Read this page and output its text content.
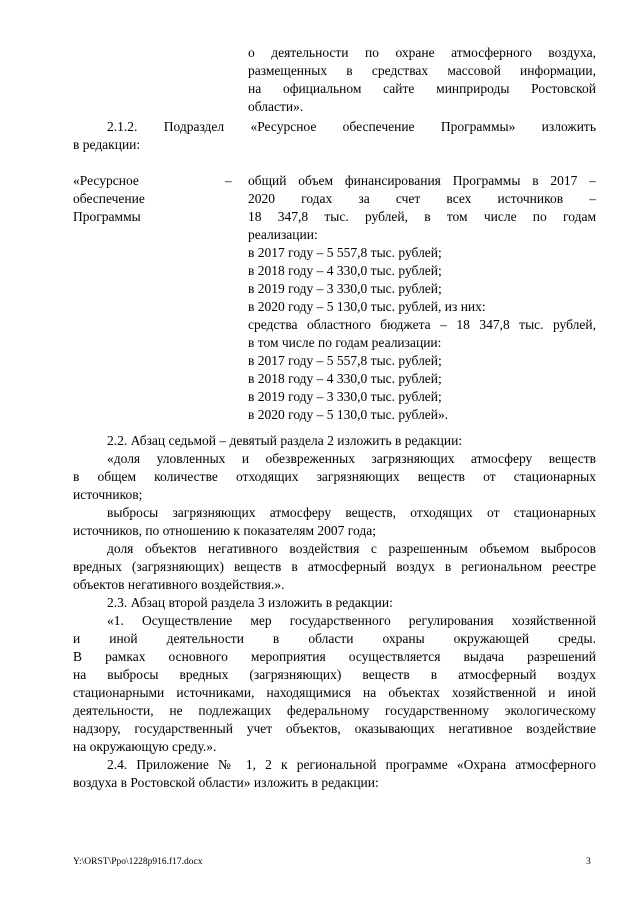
о деятельности по охране атмосферного воздуха,

размещенных в средствах массовой информации,

на официальном сайте минприроды Ростовской

области».

2.1.2. Подраздел «Ресурсное обеспечение Программы» изложить

в редакции:

«Ресурсное

обеспечение

Программы

– общий объем финансирования Программы в 2017 –

2020 годах за счет всех источников –

18 347,8 тыс. рублей, в том числе по годам

реализации:

в 2017 году – 5 557,8 тыс. рублей;

в 2018 году – 4 330,0 тыс. рублей;

в 2019 году – 3 330,0 тыс. рублей;

в 2020 году – 5 130,0 тыс. рублей, из них:

средства областного бюджета – 18 347,8 тыс. рублей,

в том числе по годам реализации:

в 2017 году – 5 557,8 тыс. рублей;

в 2018 году – 4 330,0 тыс. рублей;

в 2019 году – 3 330,0 тыс. рублей;

в 2020 году – 5 130,0 тыс. рублей».

2.2. Абзац седьмой – девятый раздела 2 изложить в редакции:

«доля уловленных и обезвреженных загрязняющих атмосферу веществ

в общем количестве отходящих загрязняющих веществ от стационарных

источников;

выбросы загрязняющих атмосферу веществ, отходящих от стационарных

источников, по отношению к показателям 2007 года;

доля объектов негативного воздействия с разрешенным объемом выбросов

вредных (загрязняющих) веществ в атмосферный воздух в региональном реестре

объектов негативного воздействия.».

2.3. Абзац второй раздела 3 изложить в редакции:

«1. Осуществление мер государственного регулирования хозяйственной

и иной деятельности в области охраны окружающей среды.

В рамках основного мероприятия осуществляется выдача разрешений

на выбросы вредных (загрязняющих) веществ в атмосферный воздух

стационарными источниками, находящимися на объектах хозяйственной и иной

деятельности, не подлежащих федеральному государственному экологическому

надзору, государственный учет объектов, оказывающих негативное воздействие

на окружающую среду.».

2.4. Приложение № 1, 2 к региональной программе «Охрана атмосферного

воздуха в Ростовской области» изложить в редакции:

Y:\ORST\Ppo\1228p916.f17.docx	3
